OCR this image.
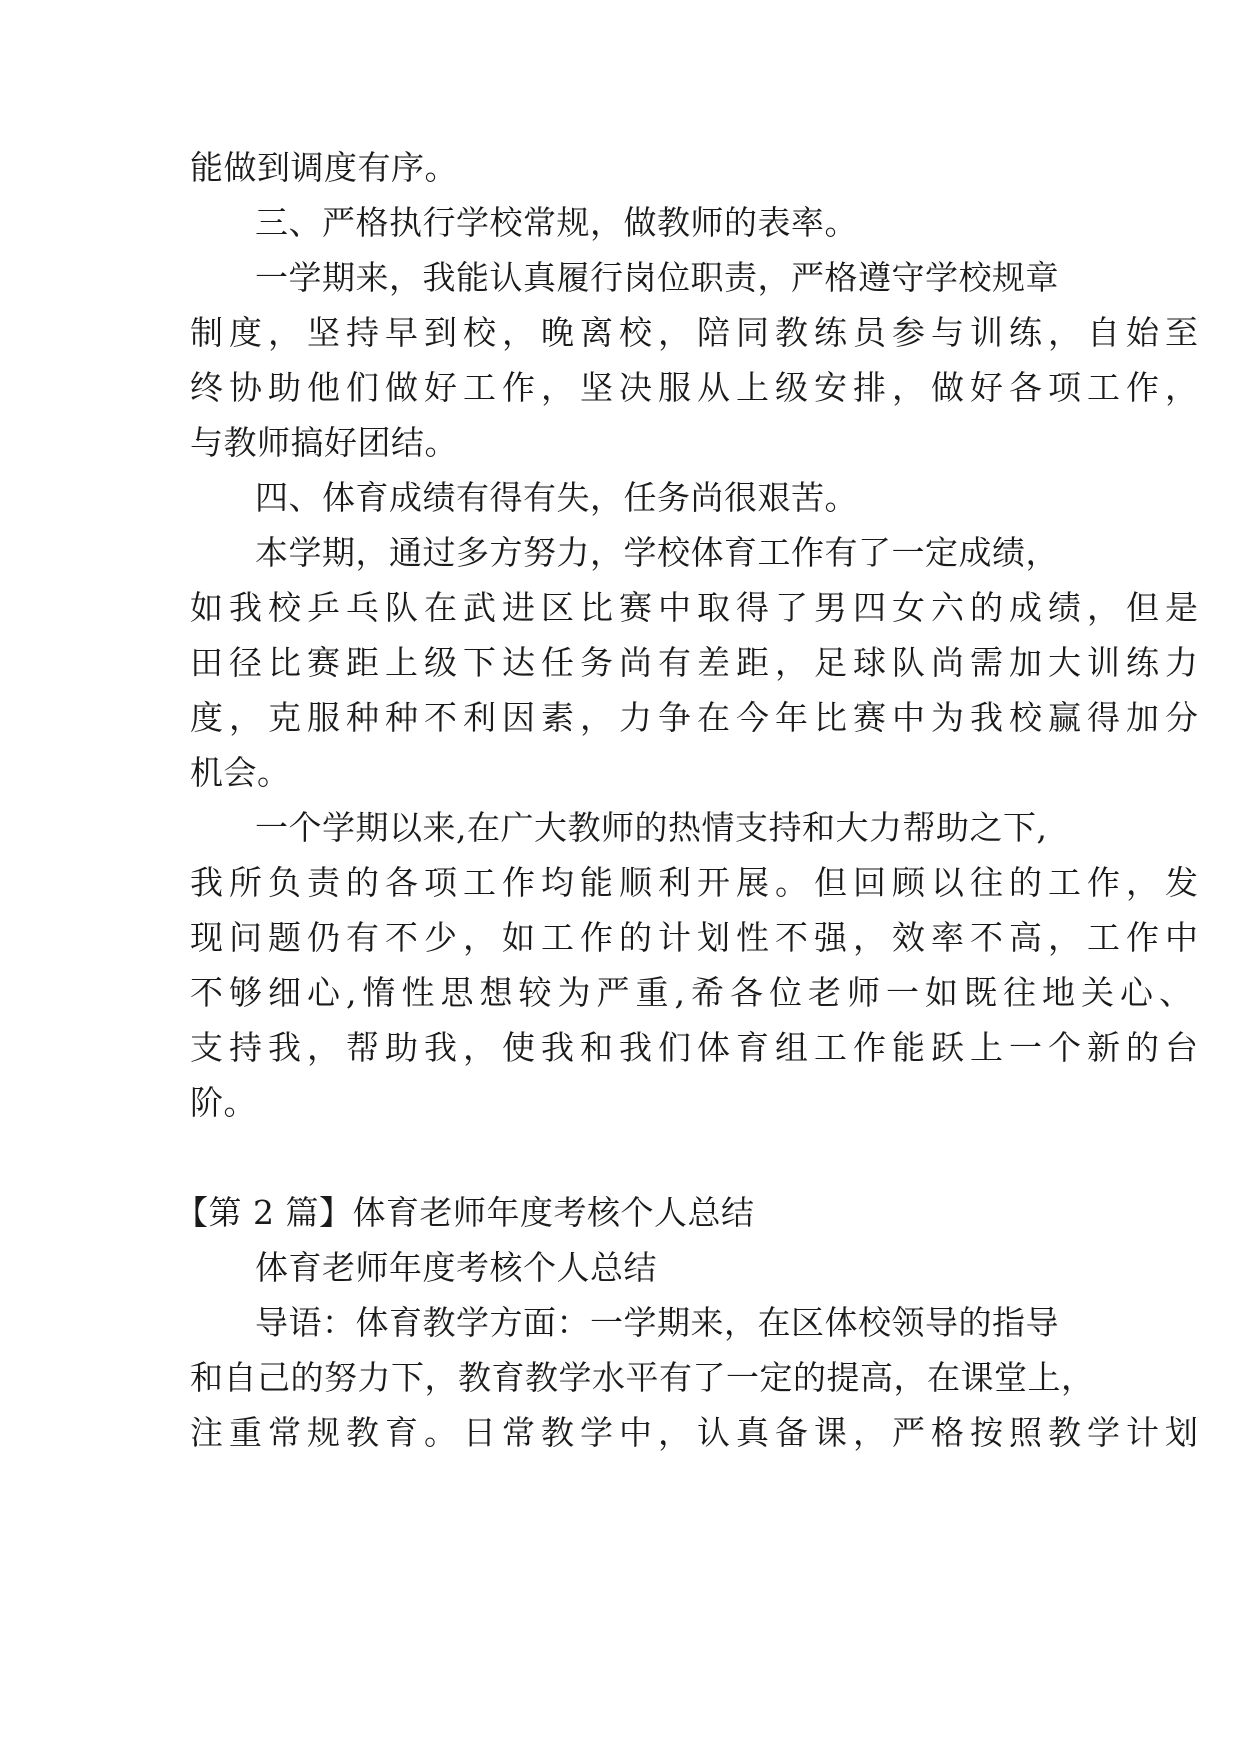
能做到调度有序。
三、严格执行学校常规，做教师的表率。
一学期来，我能认真履行岗位职责，严格遵守学校规章
制度，坚持早到校，晚离校，陪同教练员参与训练，自始至
终协助他们做好工作，坚决服从上级安排，做好各项工作，
与教师搞好团结。
四、体育成绩有得有失，任务尚很艰苦。
本学期，通过多方努力，学校体育工作有了一定成绩，
如我校乒乓队在武进区比赛中取得了男四女六的成绩，但是
田径比赛距上级下达任务尚有差距，足球队尚需加大训练力
度，克服种种不利因素，力争在今年比赛中为我校赢得加分
机会。
一个学期以来,在广大教师的热情支持和大力帮助之下,
我所负责的各项工作均能顺利开展。但回顾以往的工作，发
现问题仍有不少，如工作的计划性不强，效率不高，工作中
不够细心,惰性思想较为严重,希各位老师一如既往地关心、
支持我，帮助我，使我和我们体育组工作能跃上一个新的台
阶。
【第 2 篇】体育老师年度考核个人总结
体育老师年度考核个人总结
导语：体育教学方面：一学期来，在区体校领导的指导
和自己的努力下，教育教学水平有了一定的提高，在课堂上，
注重常规教育。日常教学中，认真备课，严格按照教学计划
